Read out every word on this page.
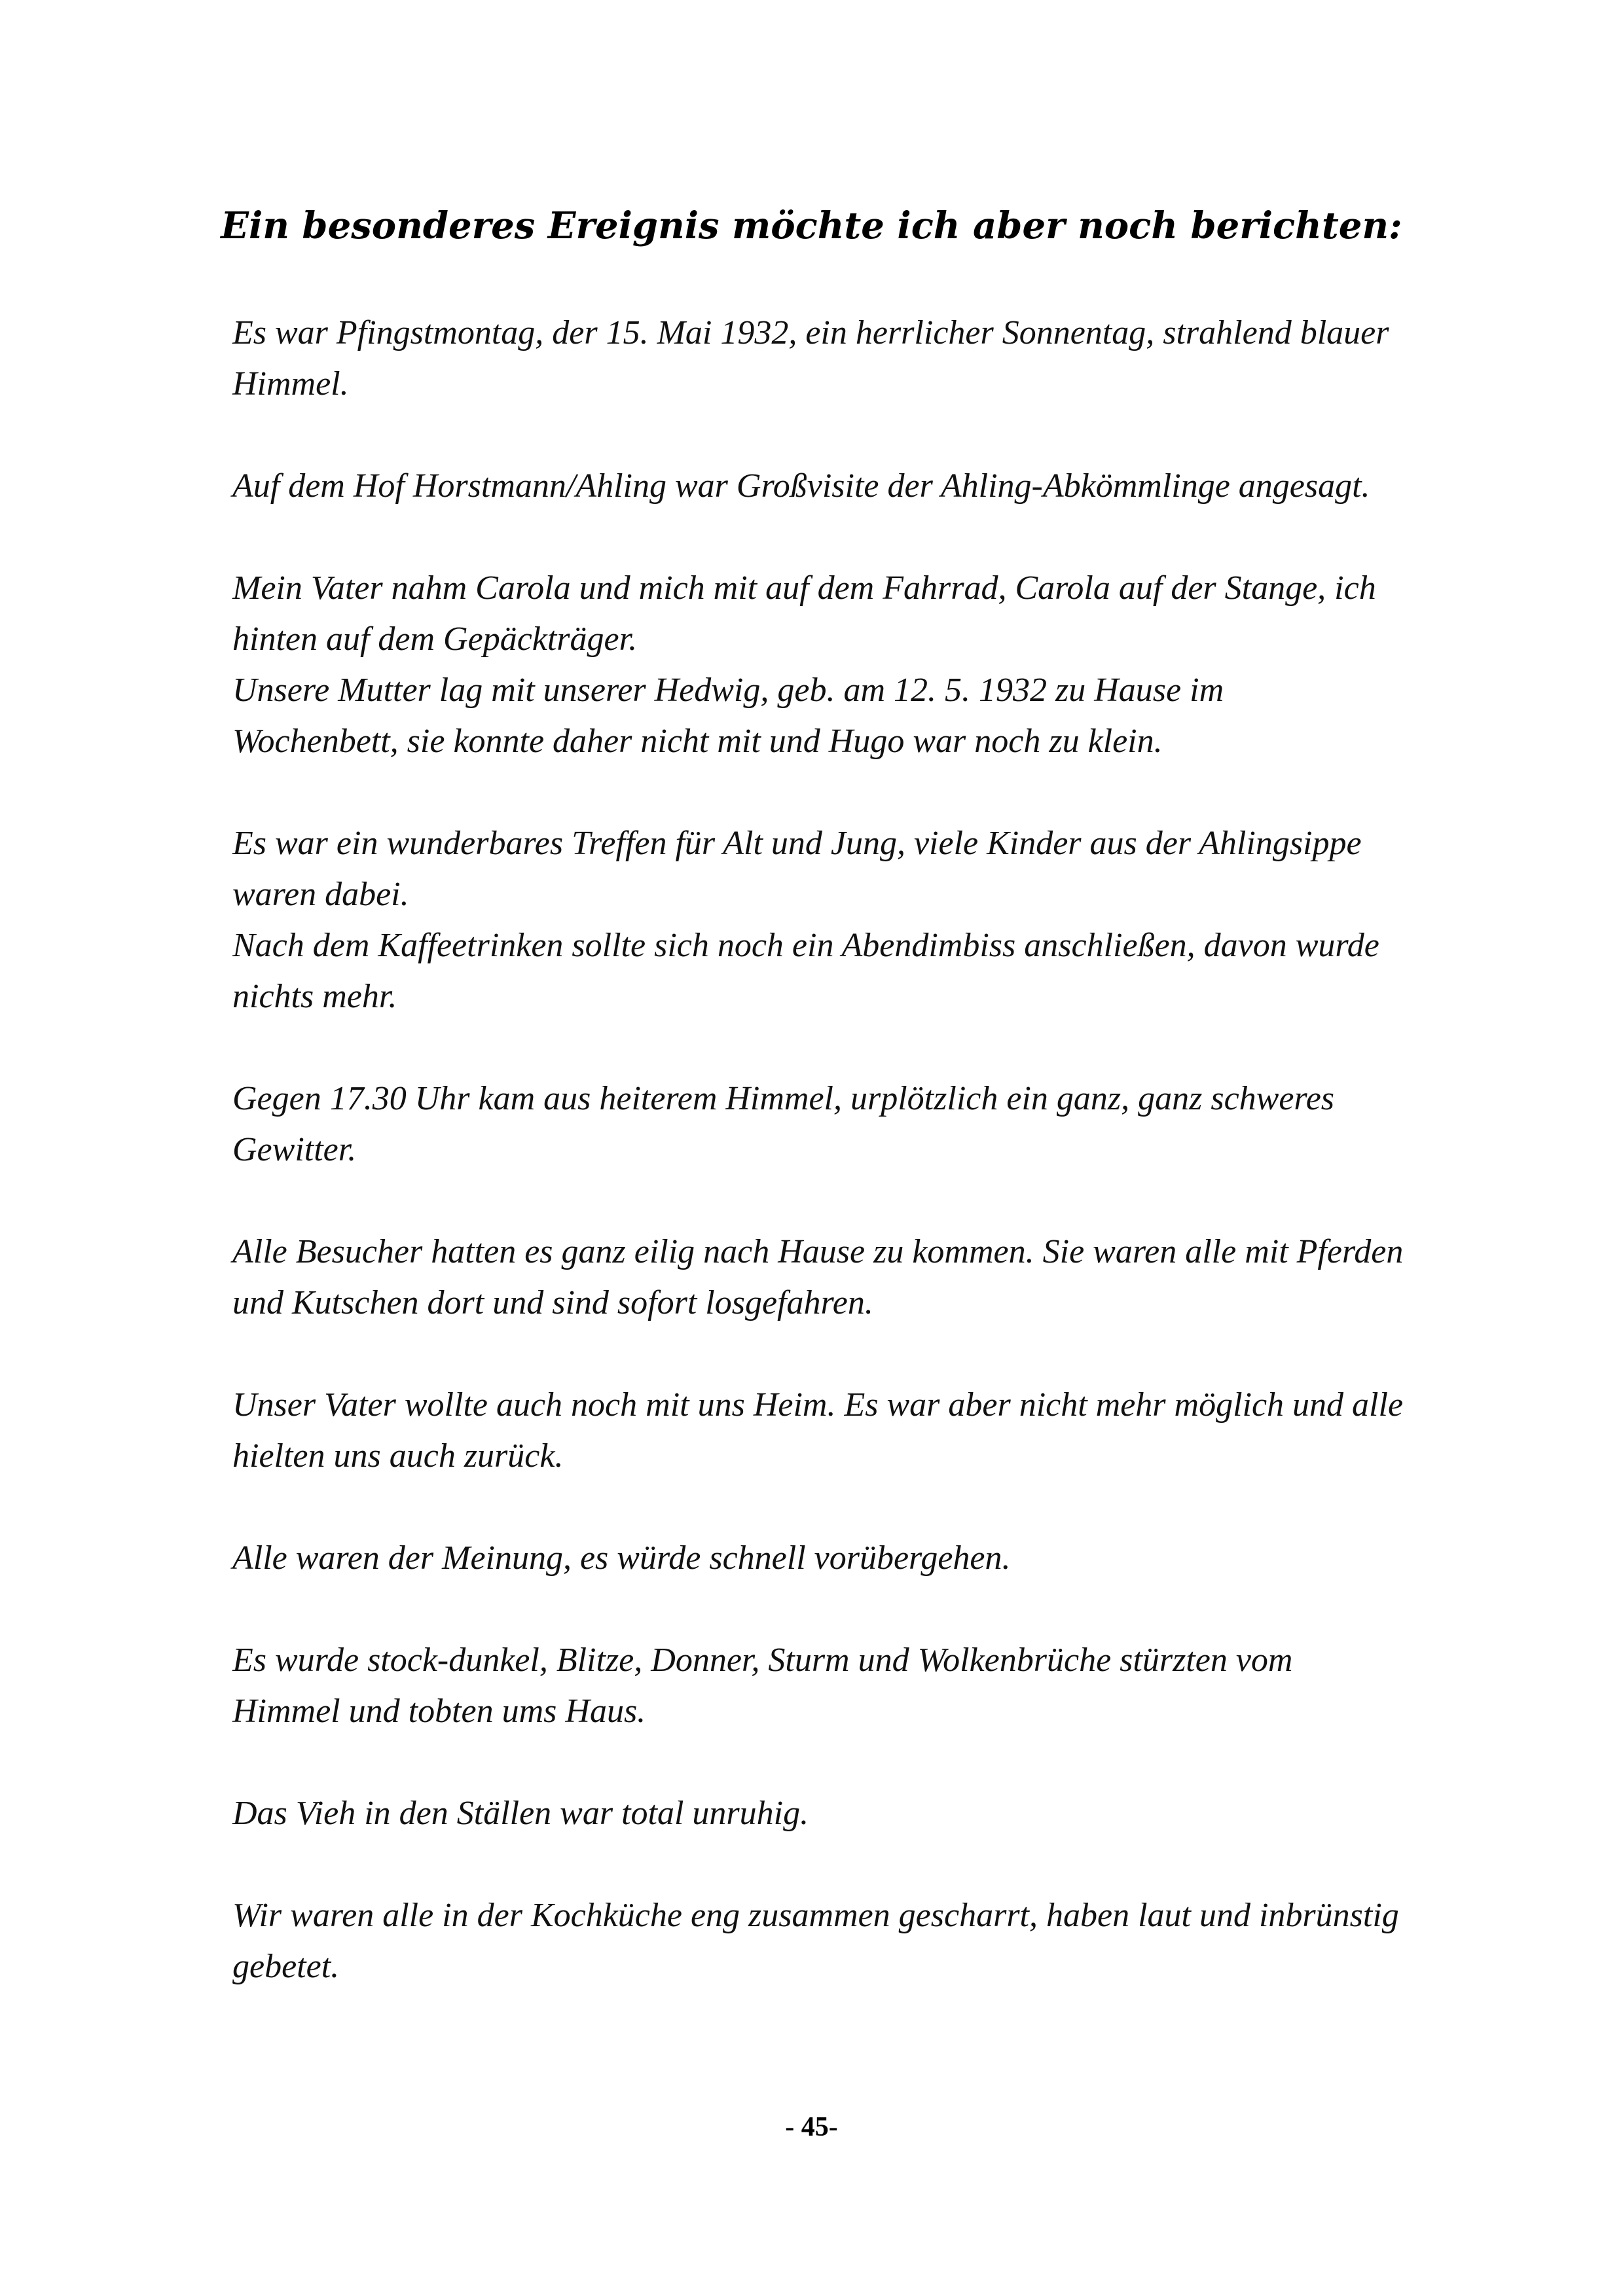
Ein besonderes Ereignis möchte ich aber noch berichten:

Es war Pfingstmontag, der 15. Mai 1932, ein herrlicher Sonnentag, strahlend blauer
Himmel.

Auf dem Hof Horstmann/Ahling war Großvisite der Ahling-Abkömmlinge angesagt.

Mein Vater nahm Carola und mich mit auf dem Fahrrad, Carola auf der Stange, ich
hinten auf dem Gepäckträger.

Unsere Mutter lag mit unserer Hedwig, geb. am 12. 5. 1932 zu Hause im
Wochenbett, sie konnte daher nicht mit und Hugo war noch zu klein.

Es war ein wunderbares Treffen für Alt und Jung, viele Kinder aus der Ahlingsippe
waren dabei.

Nach dem Kaffeetrinken sollte sich noch ein Abendimbiss anschließen, davon wurde
nichts mehr.

Gegen 17.30 Uhr kam aus heiterem Himmel, urplötzlich ein ganz, ganz schweres
Gewitter.

Alle Besucher hatten es ganz eilig nach Hause zu kommen. Sie waren alle mit Pferden
und Kutschen dort und sind sofort losgefahren.

Unser Vater wollte auch noch mit uns Heim. Es war aber nicht mehr möglich und alle
hielten uns auch zurück.

Alle waren der Meinung, es würde schnell vorübergehen.

Es wurde stock-dunkel, Blitze, Donner, Sturm und Wolkenbrüche stürzten vom
Himmel und tobten ums Haus.

Das Vieh in den Ställen war total unruhig.

Wir waren alle in der Kochküche eng zusammen gescharrt, haben laut und inbrünstig
gebetet.

- 45-
